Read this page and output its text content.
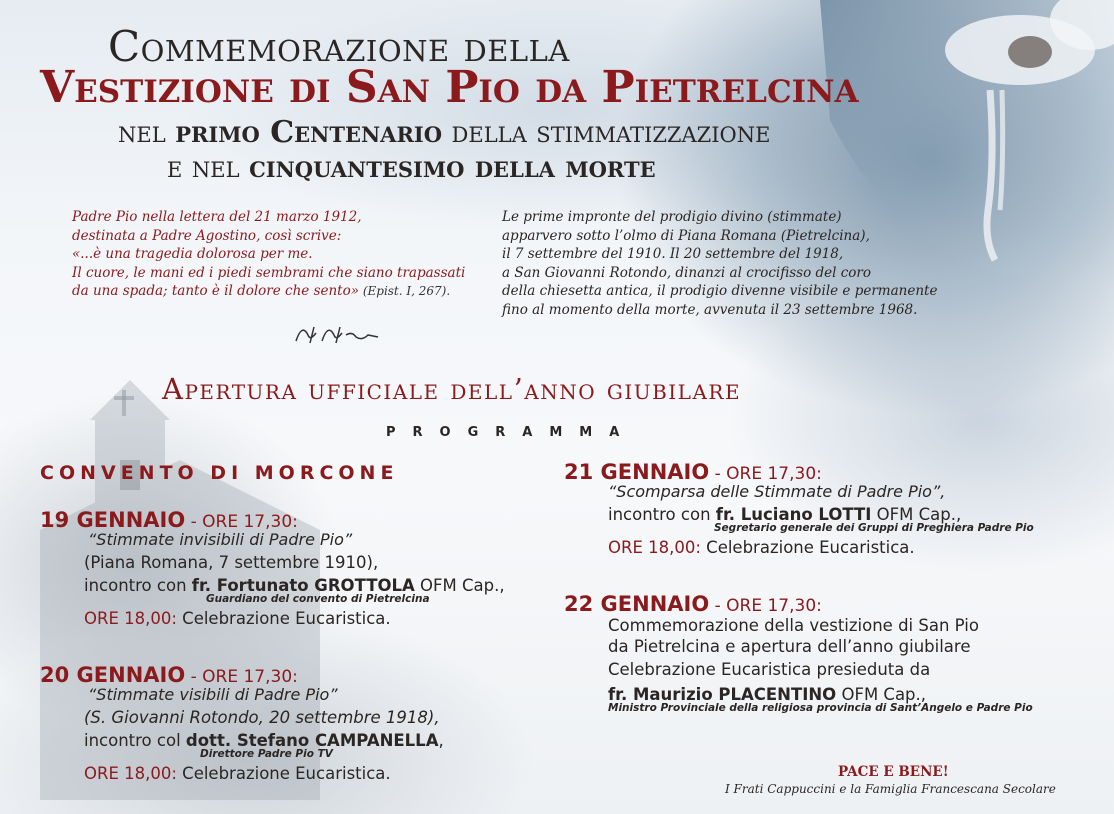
Commemorazione della
Vestizione di San Pio da Pietrelcina
nel primo Centenario della stimmatizzazione
e nel cinquantesimo della morte
Padre Pio nella lettera del 21 marzo 1912,
destinata a Padre Agostino, così scrive:
«...è una tragedia dolorosa per me.
Il cuore, le mani ed i piedi sembrami che siano trapassati
da una spada; tanto è il dolore che sento» (Epist. I, 267).
Le prime impronte del prodigio divino (stimmate)
apparvero sotto l’olmo di Piana Romana (Pietrelcina),
il 7 settembre del 1910. Il 20 settembre del 1918,
a San Giovanni Rotondo, dinanzi al crocifisso del coro
della chiesetta antica, il prodigio divenne visibile e permanente
fino al momento della morte, avvenuta il 23 settembre 1968.
Apertura ufficiale dell’anno giubilare
PROGRAMMA
CONVENTO DI MORCONE
19 GENNAIO - ORE 17,30:
“Stimmate invisibili di Padre Pio”
(Piana Romana, 7 settembre 1910),
incontro con fr. Fortunato GROTTOLA OFM Cap.,
Guardiano del convento di Pietrelcina
ORE 18,00: Celebrazione Eucaristica.
20 GENNAIO - ORE 17,30:
“Stimmate visibili di Padre Pio”
(S. Giovanni Rotondo, 20 settembre 1918),
incontro col dott. Stefano CAMPANELLA,
Direttore Padre Pio TV
ORE 18,00: Celebrazione Eucaristica.
21 GENNAIO - ORE 17,30:
“Scomparsa delle Stimmate di Padre Pio”,
incontro con fr. Luciano LOTTI OFM Cap.,
Segretario generale dei Gruppi di Preghiera Padre Pio
ORE 18,00: Celebrazione Eucaristica.
22 GENNAIO - ORE 17,30:
Commemorazione della vestizione di San Pio
da Pietrelcina e apertura dell’anno giubilare
Celebrazione Eucaristica presieduta da
fr. Maurizio PLACENTINO OFM Cap.,
Ministro Provinciale della religiosa provincia di Sant’Angelo e Padre Pio
PACE E BENE!
I Frati Cappuccini e la Famiglia Francescana Secolare
